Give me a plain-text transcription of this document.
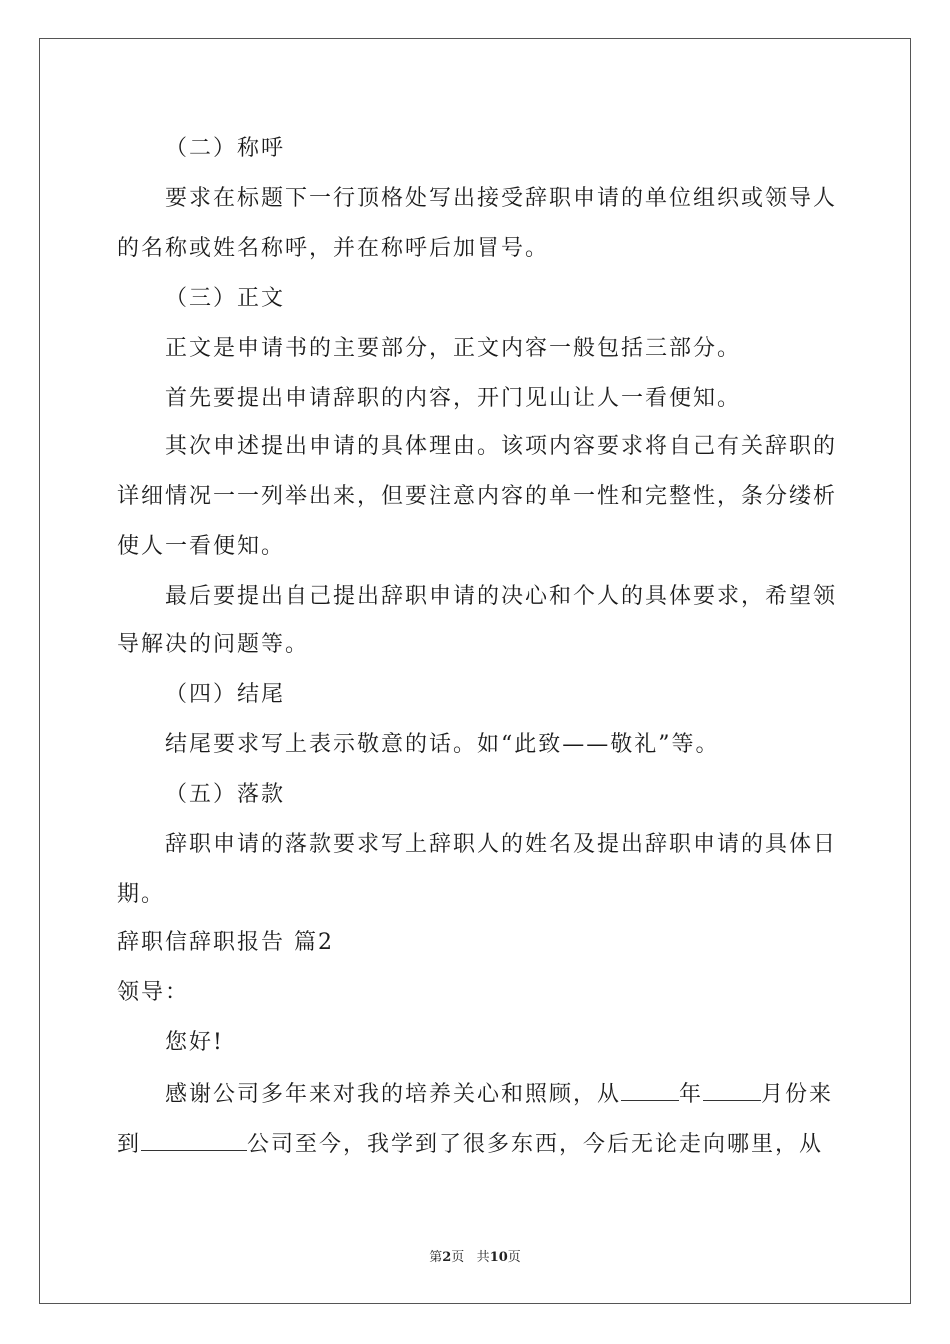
（二）称呼
要求在标题下一行顶格处写出接受辞职申请的单位组织或领导人
的名称或姓名称呼，并在称呼后加冒号。
（三）正文
正文是申请书的主要部分，正文内容一般包括三部分。
首先要提出申请辞职的内容，开门见山让人一看便知。
其次申述提出申请的具体理由。该项内容要求将自己有关辞职的
详细情况一一列举出来，但要注意内容的单一性和完整性，条分缕析
使人一看便知。
最后要提出自己提出辞职申请的决心和个人的具体要求，希望领
导解决的问题等。
（四）结尾
结尾要求写上表示敬意的话。如“此致——敬礼”等。
（五）落款
辞职申请的落款要求写上辞职人的姓名及提出辞职申请的具体日
期。
辞职信辞职报告 篇2
领导：
您好!
感谢公司多年来对我的培养关心和照顾，从	年	月份来
到	公司至今，我学到了很多东西，今后无论走向哪里，从
第2页 共10页
